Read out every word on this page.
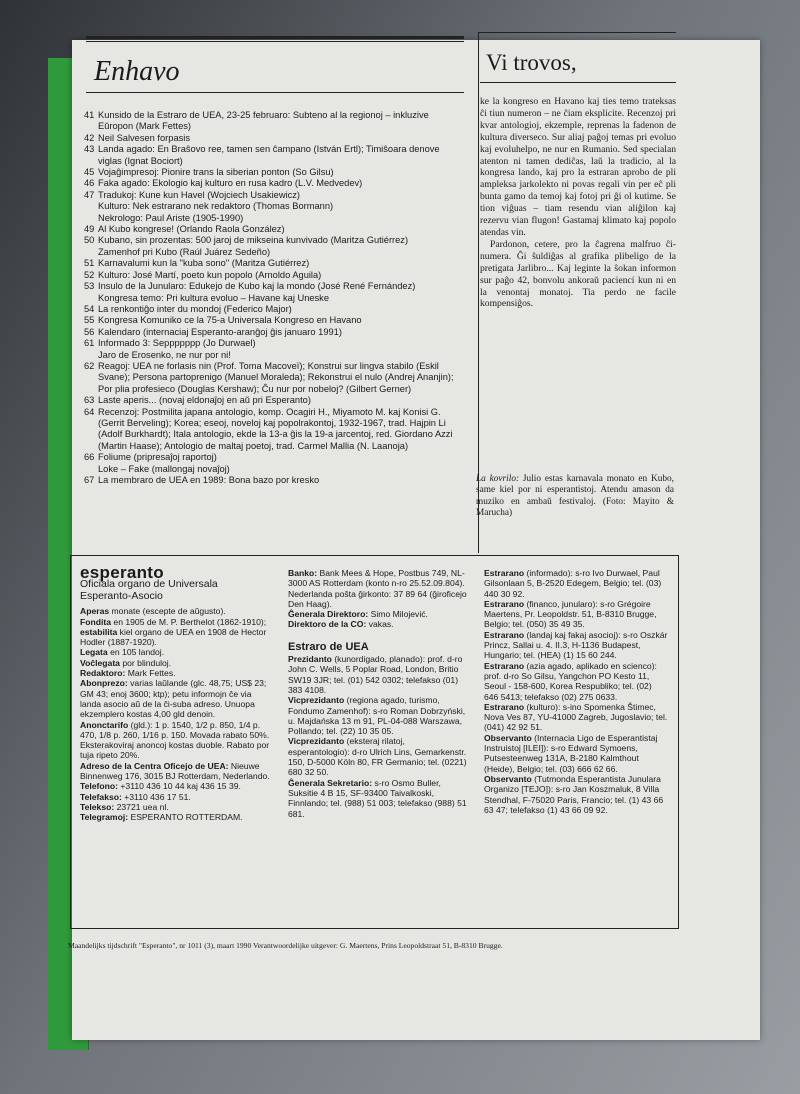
Enhavo
41 Kunsido de la Estraro de UEA, 23-25 februaro: Subteno al la regionoj – inkluzive Eŭropon (Mark Fettes)
42 Neil Salvesen forpasis
43 Landa agado: En Braŝovo ree, tamen sen ĉampano (István Ertl); Timiŝoara denove viglas (Ignat Bociort)
45 Vojaĝimpresoj: Pionire trans la siberian ponton (So Gilsu)
46 Faka agado: Ekologio kaj kulturo en rusa kadro (L.V. Medvedev)
47 Tradukoj: Kune kun Havel (Wojciech Usakiewicz)
Kulturo: Nek estrarano nek redaktoro (Thomas Bormann)
Nekrologo: Paul Ariste (1905-1990)
49 Al Kubo kongrese! (Orlando Raola González)
50 Kubano, sin prozentas: 500 jaroj de mikseina kunvivado (Maritza Gutiérrez)
Zamenhof pri Kubo (Raúl Juárez Sedeño)
51 Karnavalumi kun la "kuba sono" (Maritza Gutiérrez)
52 Kulturo: José Martí, poeto kun popolo (Arnoldo Aguila)
53 Insulo de la Junularo: Edukejo de Kubo kaj la mondo (José René Fernández)
Kongresa temo: Pri kultura evoluo – Havane kaj Uneske
54 La renkontiĝo inter du mondoj (Federico Major)
55 Kongresa Komuniko ce la 75-a Universala Kongreso en Havano
56 Kalendaro (internaciaj Esperanto-aranĝoj ĝis januaro 1991)
61 Informado 3: Seppppppp (Jo Durwael)
Jaro de Erosenko, ne nur por ni!
62 Reagoj: UEA ne forlasis nin (Prof. Toma Macoveï); Konstrui sur lingva stabilo (Eskil Svane); Persona partoprenigo (Manuel Moraleda); Rekonstrui el nulo (Andrej Ananjin); Por plia profesieco (Douglas Kershaw); Ĉu nur por nobeloj? (Gilbert Gerner)
63 Laste aperis... (novaj eldonaĵoj en aŭ pri Esperanto)
64 Recenzoj: Postmilita japana antologio, komp. Ocagiri H., Miyamoto M. kaj Konisi G. (Gerrit Berveling); Korea; eseoj, noveloj kaj popolrakontoj, 1932-1967, trad. Hajpin Li (Adolf Burkhardt); Itala antologio, ekde la 13-a ĝis la 19-a jarcentoj, red. Giordano Azzi (Martin Haase); Antologio de maltaj poetoj, trad. Carmel Mallia (N. Laanoja)
66 Foliume (pripresaĵoj raportoj)
Loke – Fake (mallongaj novaĵoj)
67 La membraro de UEA en 1989: Bona bazo por kresko
Vi trovos,

ke la kongreso en Havano kaj ties temo trateksas ĉi tiun numeron – ne ĉiam eksplicite. Recenzoj pri kvar antologioj, ekzemple, reprenas la fadenon de kultura diverseco. Sur aliaj paĝoj temas pri evoluo kaj evoluhelpo, ne nur en Rumanio. Sed specialan atenton ni tamen dediĉas, laŭ la tradicio, al la kongresa lando, kaj pro la estraran aprobo de pli ampleksa jarkolekto ni povas regali vin per eĉ pli bunta gamo da temoj kaj fotoj pri ĝi ol kutime. Se tion viĝuas – tiam resendu vian aliĝilon kaj rezervu vian flugon! Gastamaj klimato kaj popolo atendas vin.

Pardonon, cetere, pro la ĉagrena malfruo ĉi-numera. Ĝi ŝuldiĝas al grafika plibeligo de la pretigata Jarlibro... Kaj leginte la ŝokan informon sur paĝo 42, bonvolu ankoraŭ paciencí kun ni en la venontaj monatoj. Tia perdo ne facile kompensiĝos.

La kovrilo: Julio estas karnavala monato en Kubo, same kiel por ni esperantistoj. Atendu amason da muziko en ambaŭ festivaloj. (Foto: Mayito & Marucha)
esperanto
Oficiala organo de Universala Esperanto-Asocio

Aperas monate (escepte de aŭgusto).

Fondita en 1905 de M. P. Berthelot (1862-1910);

estabilita kiel organo de UEA en 1908 de Hector Hodler (1887-1920).

Legata en 105 landoj.

Voĉlegata por blinduloj.

Redaktoro: Mark Fettes.

Abonprezo: varias laŭlande (glc. 48,75; US$ 23; GM 43; enoj 3600; ktp); petu informojn ĉe via landa asocio aŭ de la ĉi-suba adreso. Unuopa ekzemplero kostas 4,00 gld denoin.

Anonctarifo (gld.): 1 p. 1540, 1/2 p. 850, 1/4 p. 470, 1/8 p. 260, 1/16 p. 150. Movada rabato 50%. Eksterakoviraj anoncoj kostas duoble. Rabato por tuja ripeto 20%.

Adreso de la Centra Oficejo de UEA: Nieuwe Binnenweg 176, 3015 BJ Rotterdam, Nederlando.

Telefono: +3110 436 10 44 kaj 436 15 39.

Telefakso: +3110 436 17 51.

Telekso: 23721 uea nl.

Telegramoj: ESPERANTO ROTTERDAM.

Banko: Bank Mees & Hope, Postbus 749, NL-3000 AS Rotterdam (konto n-ro 25.52.09.804). Nederlanda poŝta ĝirkonto: 37 89 64 (ĝiroficejo Den Haag).

Ĝenerala Direktoro: Simo Milojević.

Direktoro de la CO: vakas.

Estraro de UEA

Prezidanto (kunordigado, planado): prof. d-ro John C. Wells, 5 Poplar Road, London, Britio SW19 3JR; tel. (01) 542 0302; telefakso (01) 383 4108.

Vicprezidanto (regiona agado, turismo, Fondumo Zamenhof): s-ro Roman Dobrzyński, u. Majdańska 13 m 91, PL-04-088 Warszawa, Pollando; tel. (22) 10 35 05.

Vicprezidanto (eksteraj rilatoj, esperantologio): d-ro Ulrich Lins, Gemarkenstr. 150, D-5000 Köln 80, FR Germanio; tel. (0221) 680 32 50.

Ĝenerala Sekretario: s-ro Osmo Buller, Suksitie 4 B 15, SF-93400 Taivalkoski, Finnlando; tel. (988) 51 003; telefakso (988) 51 681.

Estrarano (informado): s-ro Ivo Durwael, Paul Gilsonlaan 5, B-2520 Edegem, Belgio; tel. (03) 440 30 92.

Estrarano (financo, junularo): s-ro Grégoire Maertens, Pr. Leopoldstr. 51, B-8310 Brugge, Belgio; tel. (050) 35 49 35.

Estrarano (landaj kaj fakaj asocioj): s-ro Oszkár Princz, Sallai u. 4. II.3, H-1136 Budapest, Hungario; tel. (HEA) (1) 15 60 244.

Estrarano (azia agado, aplikado en scienco): prof. d-ro So Gilsu, Yangchon PO Kesto 11, Seoul - 158-600, Korea Respubliko; tel. (02) 646 5413; telefakso (02) 275 0633.

Estrarano (kulturo): s-ino Spomenka Štimec, Nova Ves 87, YU-41000 Zagreb, Jugoslavio; tel. (041) 42 92 51.

Observanto (Internacia Ligo de Esperantistaj Instruistoj [ILEI]): s-ro Edward Symoens, Putsesteenweg 131A, B-2180 Kalmthout (Heide), Belgio; tel. (03) 666 62 66.

Observanto (Tutmonda Esperantista Junulara Organizo [TEJO]): s-ro Jan Koszmaluk, 8 Villa Stendhal, F-75020 Paris, Francio; tel. (1) 43 66 63 47; telefakso (1) 43 66 09 92.

Maandelijks tijdschrift "Esperanto", nr 1011 (3), maart 1990 Verantwoordelijke uitgever: G. Maertens, Prins Leopoldstraat 51, B-8310 Brugge.
